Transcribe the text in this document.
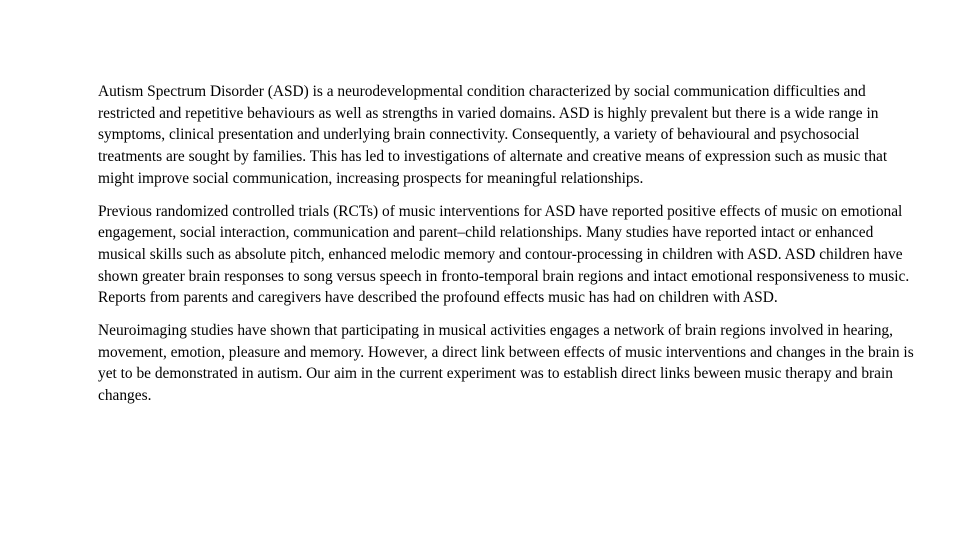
Autism Spectrum Disorder (ASD) is a neurodevelopmental condition characterized by social communication difficulties and restricted and repetitive behaviours as well as strengths in varied domains. ASD is highly prevalent but there is a wide range in symptoms, clinical presentation and underlying brain connectivity. Consequently, a variety of behavioural and psychosocial treatments are sought by families. This has led to investigations of alternate and creative means of expression such as music that might improve social communication, increasing prospects for meaningful relationships.

Previous randomized controlled trials (RCTs) of music interventions for ASD have reported positive effects of music on emotional engagement, social interaction, communication and parent–child relationships. Many studies have reported intact or enhanced musical skills such as absolute pitch, enhanced melodic memory and contour-processing in children with ASD. ASD children have shown greater brain responses to song versus speech in fronto-temporal brain regions and intact emotional responsiveness to music. Reports from parents and caregivers have described the profound effects music has had on children with ASD.

Neuroimaging studies have shown that participating in musical activities engages a network of brain regions involved in hearing, movement, emotion, pleasure and memory. However, a direct link between effects of music interventions and changes in the brain is yet to be demonstrated in autism. Our aim in the current experiment was to establish direct links beween music therapy and brain changes.
